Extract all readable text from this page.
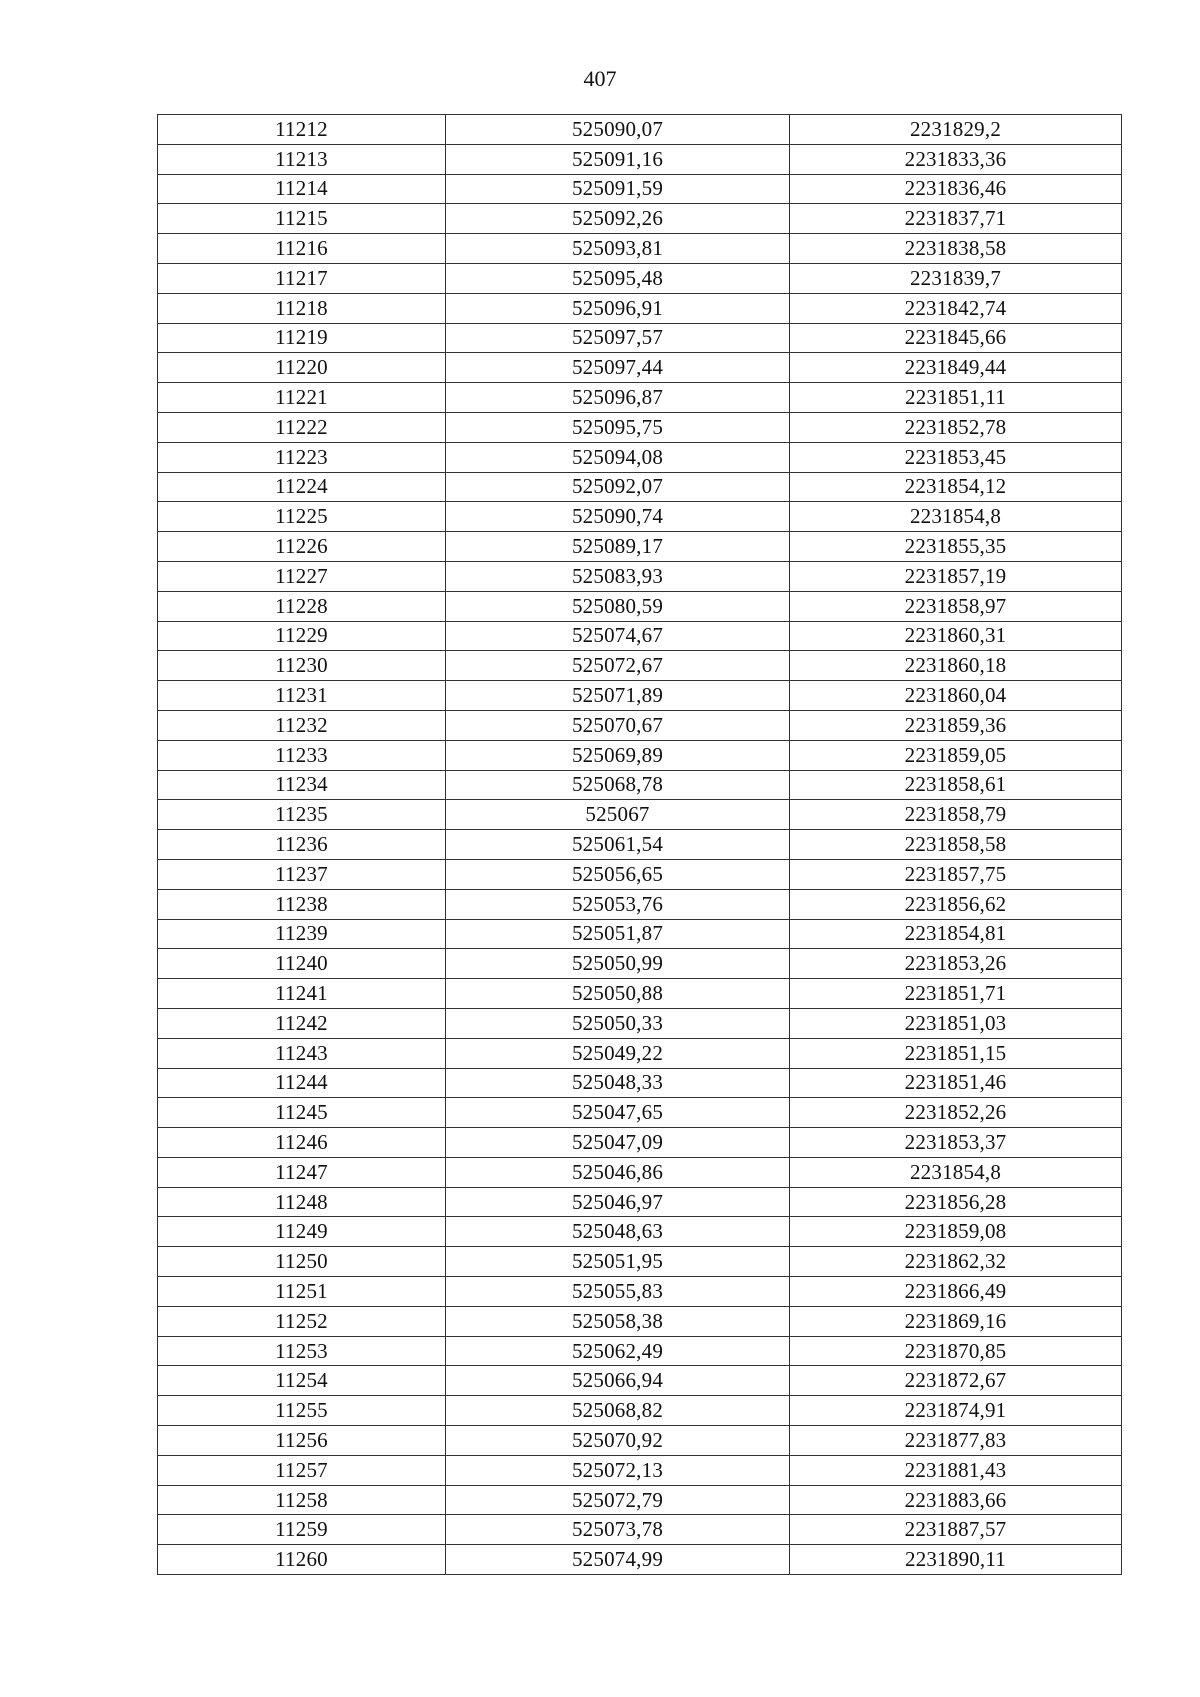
407
11212	525090,07	2231829,2
11213	525091,16	2231833,36
11214	525091,59	2231836,46
11215	525092,26	2231837,71
11216	525093,81	2231838,58
11217	525095,48	2231839,7
11218	525096,91	2231842,74
11219	525097,57	2231845,66
11220	525097,44	2231849,44
11221	525096,87	2231851,11
11222	525095,75	2231852,78
11223	525094,08	2231853,45
11224	525092,07	2231854,12
11225	525090,74	2231854,8
11226	525089,17	2231855,35
11227	525083,93	2231857,19
11228	525080,59	2231858,97
11229	525074,67	2231860,31
11230	525072,67	2231860,18
11231	525071,89	2231860,04
11232	525070,67	2231859,36
11233	525069,89	2231859,05
11234	525068,78	2231858,61
11235	525067	2231858,79
11236	525061,54	2231858,58
11237	525056,65	2231857,75
11238	525053,76	2231856,62
11239	525051,87	2231854,81
11240	525050,99	2231853,26
11241	525050,88	2231851,71
11242	525050,33	2231851,03
11243	525049,22	2231851,15
11244	525048,33	2231851,46
11245	525047,65	2231852,26
11246	525047,09	2231853,37
11247	525046,86	2231854,8
11248	525046,97	2231856,28
11249	525048,63	2231859,08
11250	525051,95	2231862,32
11251	525055,83	2231866,49
11252	525058,38	2231869,16
11253	525062,49	2231870,85
11254	525066,94	2231872,67
11255	525068,82	2231874,91
11256	525070,92	2231877,83
11257	525072,13	2231881,43
11258	525072,79	2231883,66
11259	525073,78	2231887,57
11260	525074,99	2231890,11
